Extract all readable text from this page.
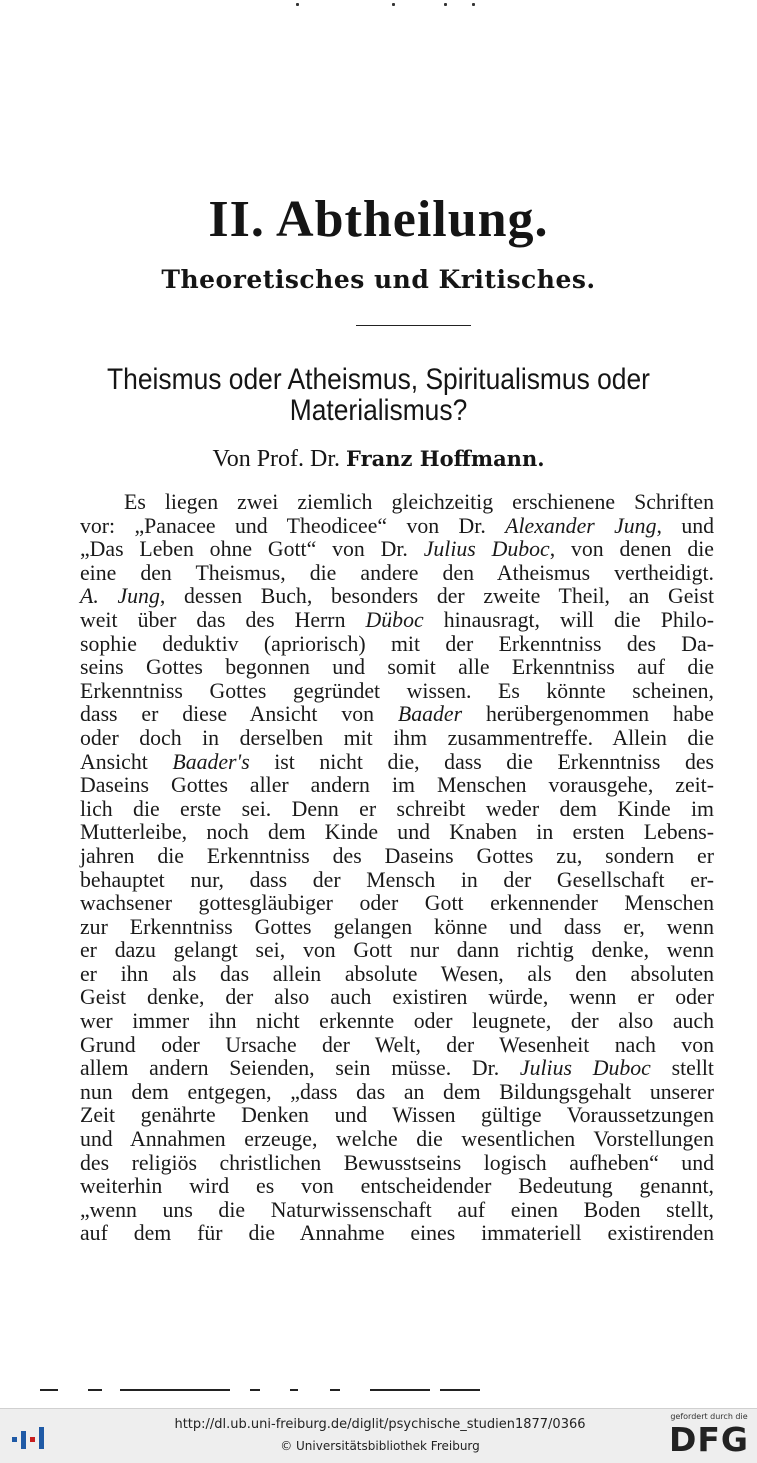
II. Abtheilung.
Theoretisches und Kritisches.
Theismus oder Atheismus, Spiritualismus oder
Materialismus?
Von Prof. Dr. Franz Hoffmann.
Es liegen zwei ziemlich gleichzeitig erschienene Schriften
vor: „Panacee und Theodicee“ von Dr. Alexander Jung, und
„Das Leben ohne Gott“ von Dr. Julius Duboc, von denen die
eine den Theismus, die andere den Atheismus vertheidigt.
A. Jung, dessen Buch, besonders der zweite Theil, an Geist
weit über das des Herrn Düboc hinausragt, will die Philo-
sophie deduktiv (apriorisch) mit der Erkenntniss des Da-
seins Gottes begonnen und somit alle Erkenntniss auf die
Erkenntniss Gottes gegründet wissen. Es könnte scheinen,
dass er diese Ansicht von Baader herübergenommen habe
oder doch in derselben mit ihm zusammentreffe. Allein die
Ansicht Baader's ist nicht die, dass die Erkenntniss des
Daseins Gottes aller andern im Menschen vorausgehe, zeit-
lich die erste sei. Denn er schreibt weder dem Kinde im
Mutterleibe, noch dem Kinde und Knaben in ersten Lebens-
jahren die Erkenntniss des Daseins Gottes zu, sondern er
behauptet nur, dass der Mensch in der Gesellschaft er-
wachsener gottesgläubiger oder Gott erkennender Menschen
zur Erkenntniss Gottes gelangen könne und dass er, wenn
er dazu gelangt sei, von Gott nur dann richtig denke, wenn
er ihn als das allein absolute Wesen, als den absoluten
Geist denke, der also auch existiren würde, wenn er oder
wer immer ihn nicht erkennte oder leugnete, der also auch
Grund oder Ursache der Welt, der Wesenheit nach von
allem andern Seienden, sein müsse. Dr. Julius Duboc stellt
nun dem entgegen, „dass das an dem Bildungsgehalt unserer
Zeit genährte Denken und Wissen gültige Voraussetzungen
und Annahmen erzeuge, welche die wesentlichen Vorstellungen
des religiös christlichen Bewusstseins logisch aufheben“ und
weiterhin wird es von entscheidender Bedeutung genannt,
„wenn uns die Naturwissenschaft auf einen Boden stellt,
auf dem für die Annahme eines immateriell existirenden
http://dl.ub.uni-freiburg.de/diglit/psychische_studien1877/0366
© Universitätsbibliothek Freiburg
gefordert durch die
DFG
